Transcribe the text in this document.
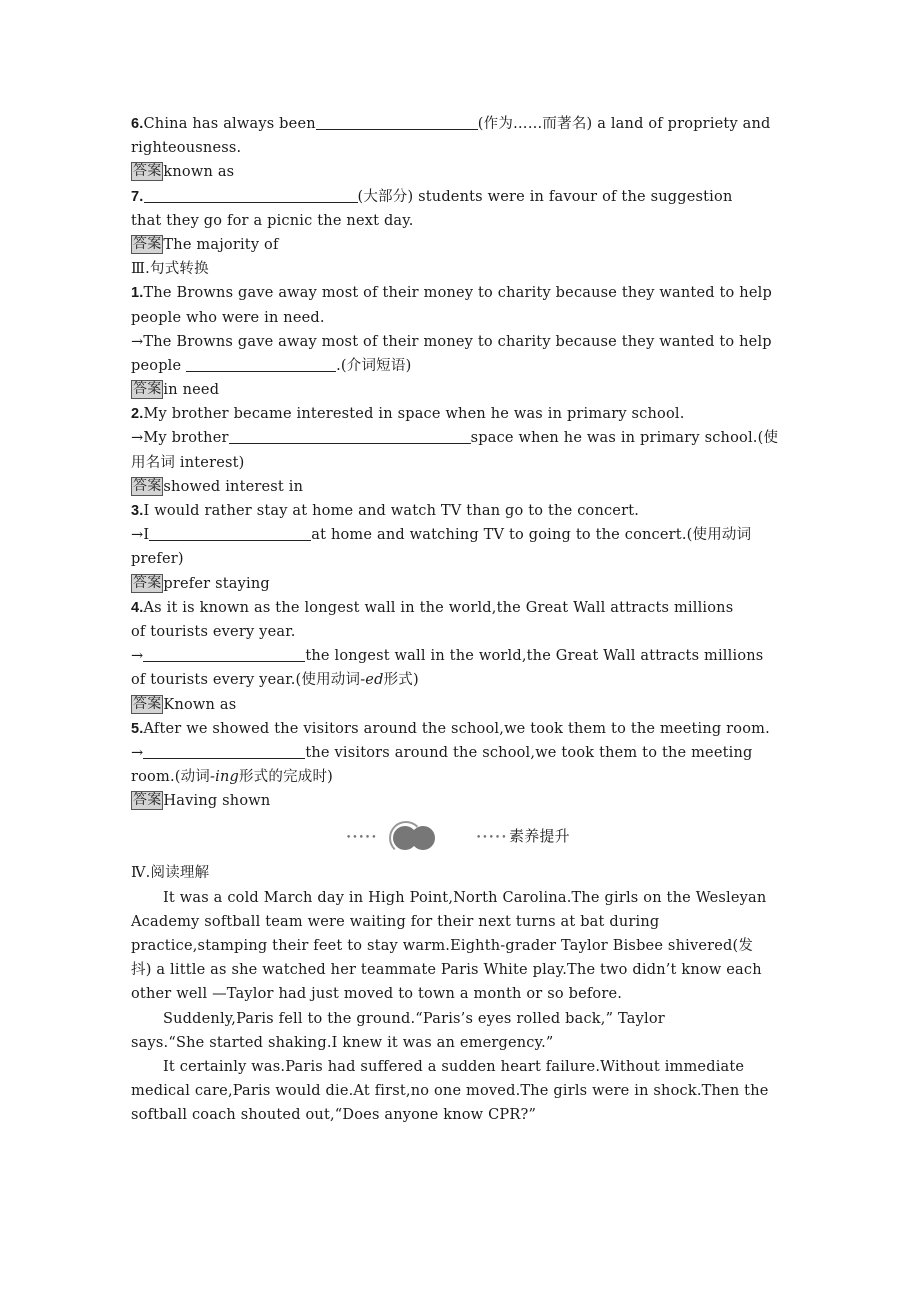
6.China has always been	(作为……而著名) a land of propriety and
righteousness.
答案 known as
7.	(大部分) students were in favour of the suggestion
that they go for a picnic the next day.
答案 The majority of
Ⅲ.句式转换
1.The Browns gave away most of their money to charity because they wanted to help
people who were in need.
→The Browns gave away most of their money to charity because they wanted to help
people	.(介词短语)
答案 in need
2.My brother became interested in space when he was in primary school.
→My brother	space when he was in primary school.(使
用名词 interest)
答案 showed interest in
3.I would rather stay at home and watch TV than go to the concert.
→I	at home and watching TV to going to the concert.(使用动词
prefer)
答案 prefer staying
4.As it is known as the longest wall in the world,the Great Wall attracts millions
of tourists every year.
→	the longest wall in the world,the Great Wall attracts millions
of tourists every year.(使用动词-ed形式)
答案 Known as
5.After we showed the visitors around the school,we took them to the meeting room.
→	the visitors around the school,we took them to the meeting
room.(动词-ing形式的完成时)
答案 Having shown
•••••	••••• 素养提升
Ⅳ.阅读理解
It was a cold March day in High Point,North Carolina.The girls on the Wesleyan
Academy softball team were waiting for their next turns at bat during
practice,stamping their feet to stay warm.Eighth-grader Taylor Bisbee shivered(发
抖) a little as she watched her teammate Paris White play.The two didn’t know each
other well —Taylor had just moved to town a month or so before.
Suddenly,Paris fell to the ground.“Paris’s eyes rolled back,” Taylor
says.“She started shaking.I knew it was an emergency.”
It certainly was.Paris had suffered a sudden heart failure.Without immediate
medical care,Paris would die.At first,no one moved.The girls were in shock.Then the
softball coach shouted out,“Does anyone know CPR?”
